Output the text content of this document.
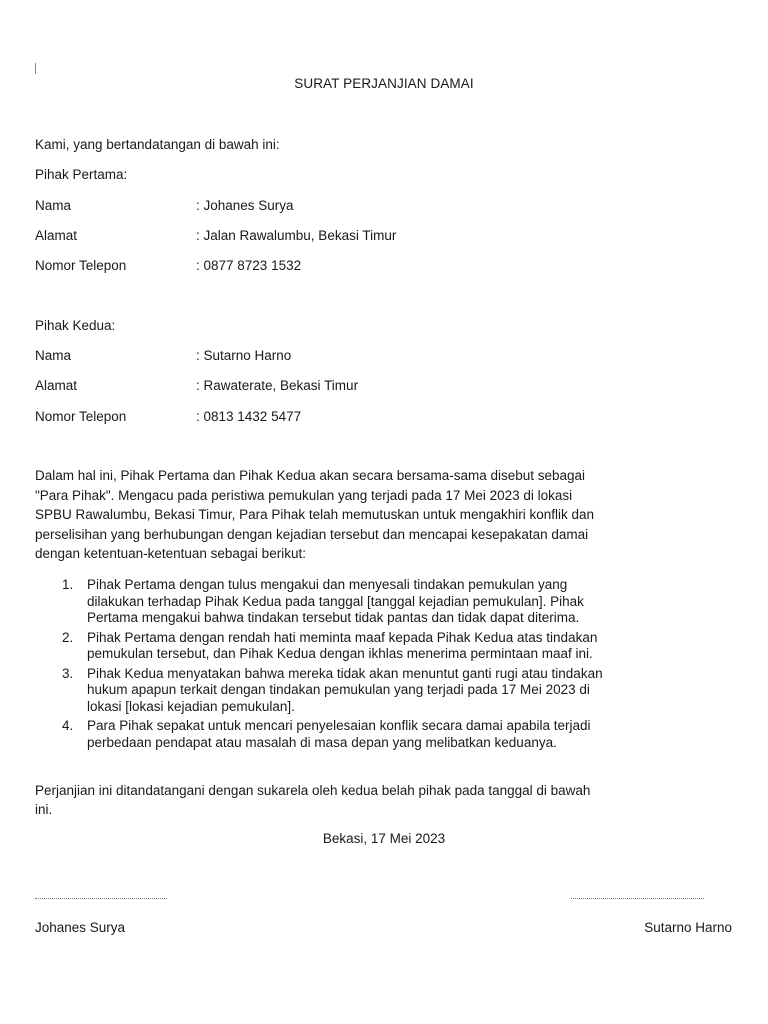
SURAT PERJANJIAN DAMAI
Kami, yang bertandatangan di bawah ini:
Pihak Pertama:
Nama	: Johanes Surya
Alamat	: Jalan Rawalumbu, Bekasi Timur
Nomor Telepon	: 0877 8723 1532
Pihak Kedua:
Nama	: Sutarno Harno
Alamat	: Rawaterate, Bekasi Timur
Nomor Telepon	: 0813 1432 5477

Dalam hal ini, Pihak Pertama dan Pihak Kedua akan secara bersama-sama disebut sebagai

"Para Pihak". Mengacu pada peristiwa pemukulan yang terjadi pada 17 Mei 2023 di lokasi

SPBU Rawalumbu, Bekasi Timur, Para Pihak telah memutuskan untuk mengakhiri konflik dan

perselisihan yang berhubungan dengan kejadian tersebut dan mencapai kesepakatan damai

dengan ketentuan-ketentuan sebagai berikut:

1. Pihak Pertama dengan tulus mengakui dan menyesali tindakan pemukulan yang
dilakukan terhadap Pihak Kedua pada tanggal [tanggal kejadian pemukulan]. Pihak
Pertama mengakui bahwa tindakan tersebut tidak pantas dan tidak dapat diterima.
2. Pihak Pertama dengan rendah hati meminta maaf kepada Pihak Kedua atas tindakan
pemukulan tersebut, dan Pihak Kedua dengan ikhlas menerima permintaan maaf ini.
3. Pihak Kedua menyatakan bahwa mereka tidak akan menuntut ganti rugi atau tindakan
hukum apapun terkait dengan tindakan pemukulan yang terjadi pada 17 Mei 2023 di
lokasi [lokasi kejadian pemukulan].
4. Para Pihak sepakat untuk mencari penyelesaian konflik secara damai apabila terjadi
perbedaan pendapat atau masalah di masa depan yang melibatkan keduanya.
Perjanjian ini ditandatangani dengan sukarela oleh kedua belah pihak pada tanggal di bawah
ini.
Bekasi, 17 Mei 2023
Johanes Surya	Sutarno Harno
